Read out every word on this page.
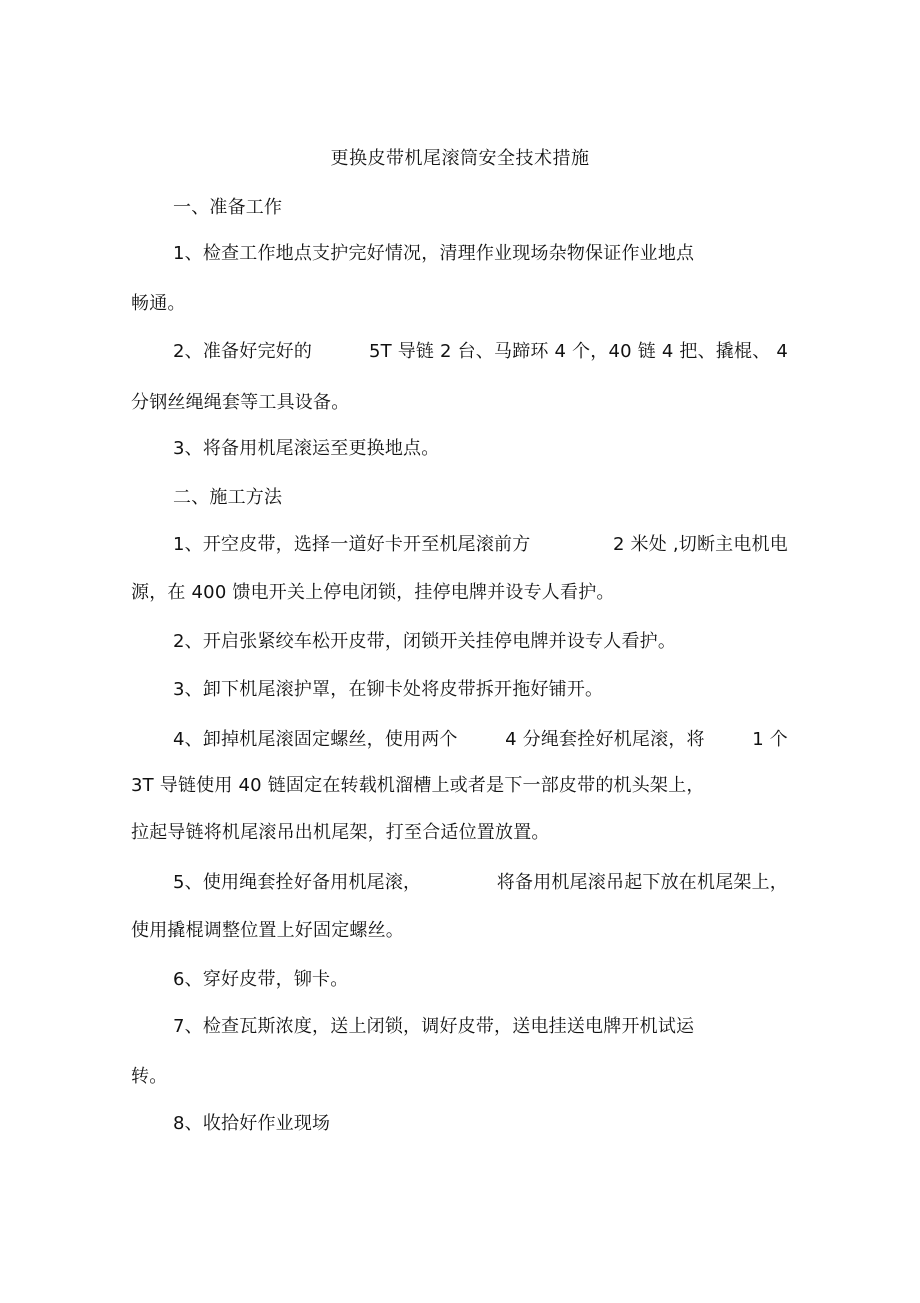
更换皮带机尾滚筒安全技术措施
一、准备工作
1、检查工作地点支护完好情况，清理作业现场杂物保证作业地点
畅通。
2、准备好完好的	5T 导链 2 台、马蹄环 4 个，40 链 4 把、撬棍、 4
分钢丝绳绳套等工具设备。
3、将备用机尾滚运至更换地点。
二、施工方法
1、开空皮带，选择一道好卡开至机尾滚前方	2 米处 ,切断主电机电
源，在 400 馈电开关上停电闭锁，挂停电牌并设专人看护。
2、开启张紧绞车松开皮带，闭锁开关挂停电牌并设专人看护。
3、卸下机尾滚护罩，在铆卡处将皮带拆开拖好铺开。
4、卸掉机尾滚固定螺丝，使用两个	4 分绳套拴好机尾滚，将	1 个
3T 导链使用 40 链固定在转载机溜槽上或者是下一部皮带的机头架上，
拉起导链将机尾滚吊出机尾架，打至合适位置放置。
5、使用绳套拴好备用机尾滚，	将备用机尾滚吊起下放在机尾架上，
使用撬棍调整位置上好固定螺丝。
6、穿好皮带，铆卡。
7、检查瓦斯浓度，送上闭锁，调好皮带，送电挂送电牌开机试运
转。
8、收拾好作业现场
